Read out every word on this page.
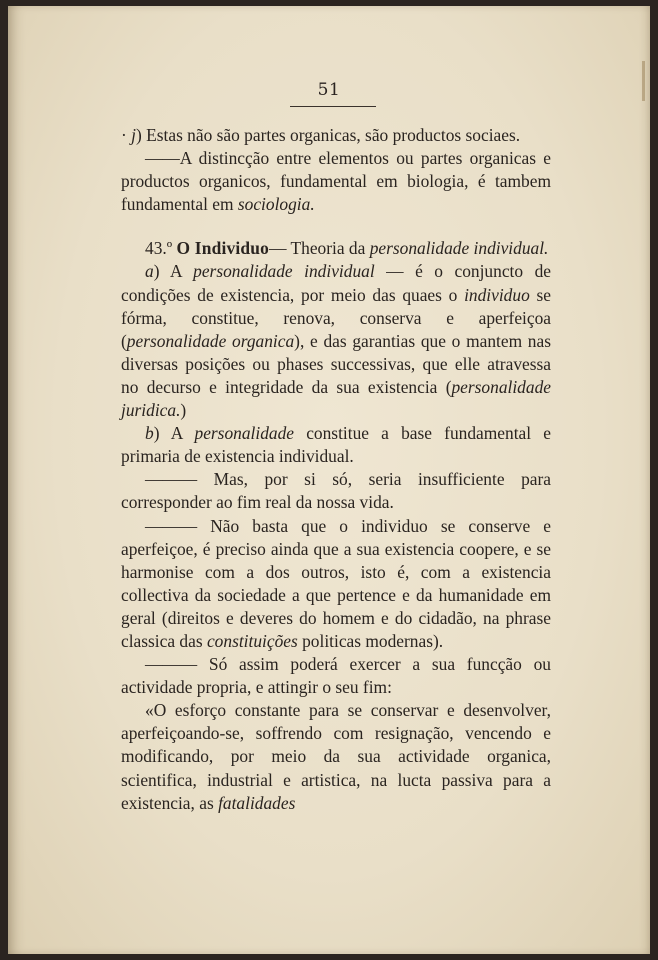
51
· j) Estas não são partes organicas, são productos sociaes.
——A distincção entre elementos ou partes organicas e productos organicos, fundamental em biologia, é tambem fundamental em sociologia.
43.º O Individuo— Theoria da personalidade individual.
a) A personalidade individual — é o conjuncto de condições de existencia, por meio das quaes o individuo se fórma, constitue, renova, conserva e aperfeiçoa (personalidade organica), e das garantias que o mantem nas diversas posições ou phases successivas, que elle atravessa no decurso e integridade da sua existencia (personalidade juridica.)
b) A personalidade constitue a base fundamental e primaria de existencia individual.
——— Mas, por si só, seria insufficiente para corresponder ao fim real da nossa vida.
——— Não basta que o individuo se conserve e aperfeiçoe, é preciso ainda que a sua existencia coopere, e se harmonise com a dos outros, isto é, com a existencia collectiva da sociedade a que pertence e da humanidade em geral (direitos e deveres do homem e do cidadão, na phrase classica das constituições politicas modernas).
——— Só assim poderá exercer a sua funcção ou actividade propria, e attingir o seu fim:
«O esforço constante para se conservar e desenvolver, aperfeiçoando-se, soffrendo com resignação, vencendo e modificando, por meio da sua actividade organica, scientifica, industrial e artistica, na lucta passiva para a existencia, as fatalidades
